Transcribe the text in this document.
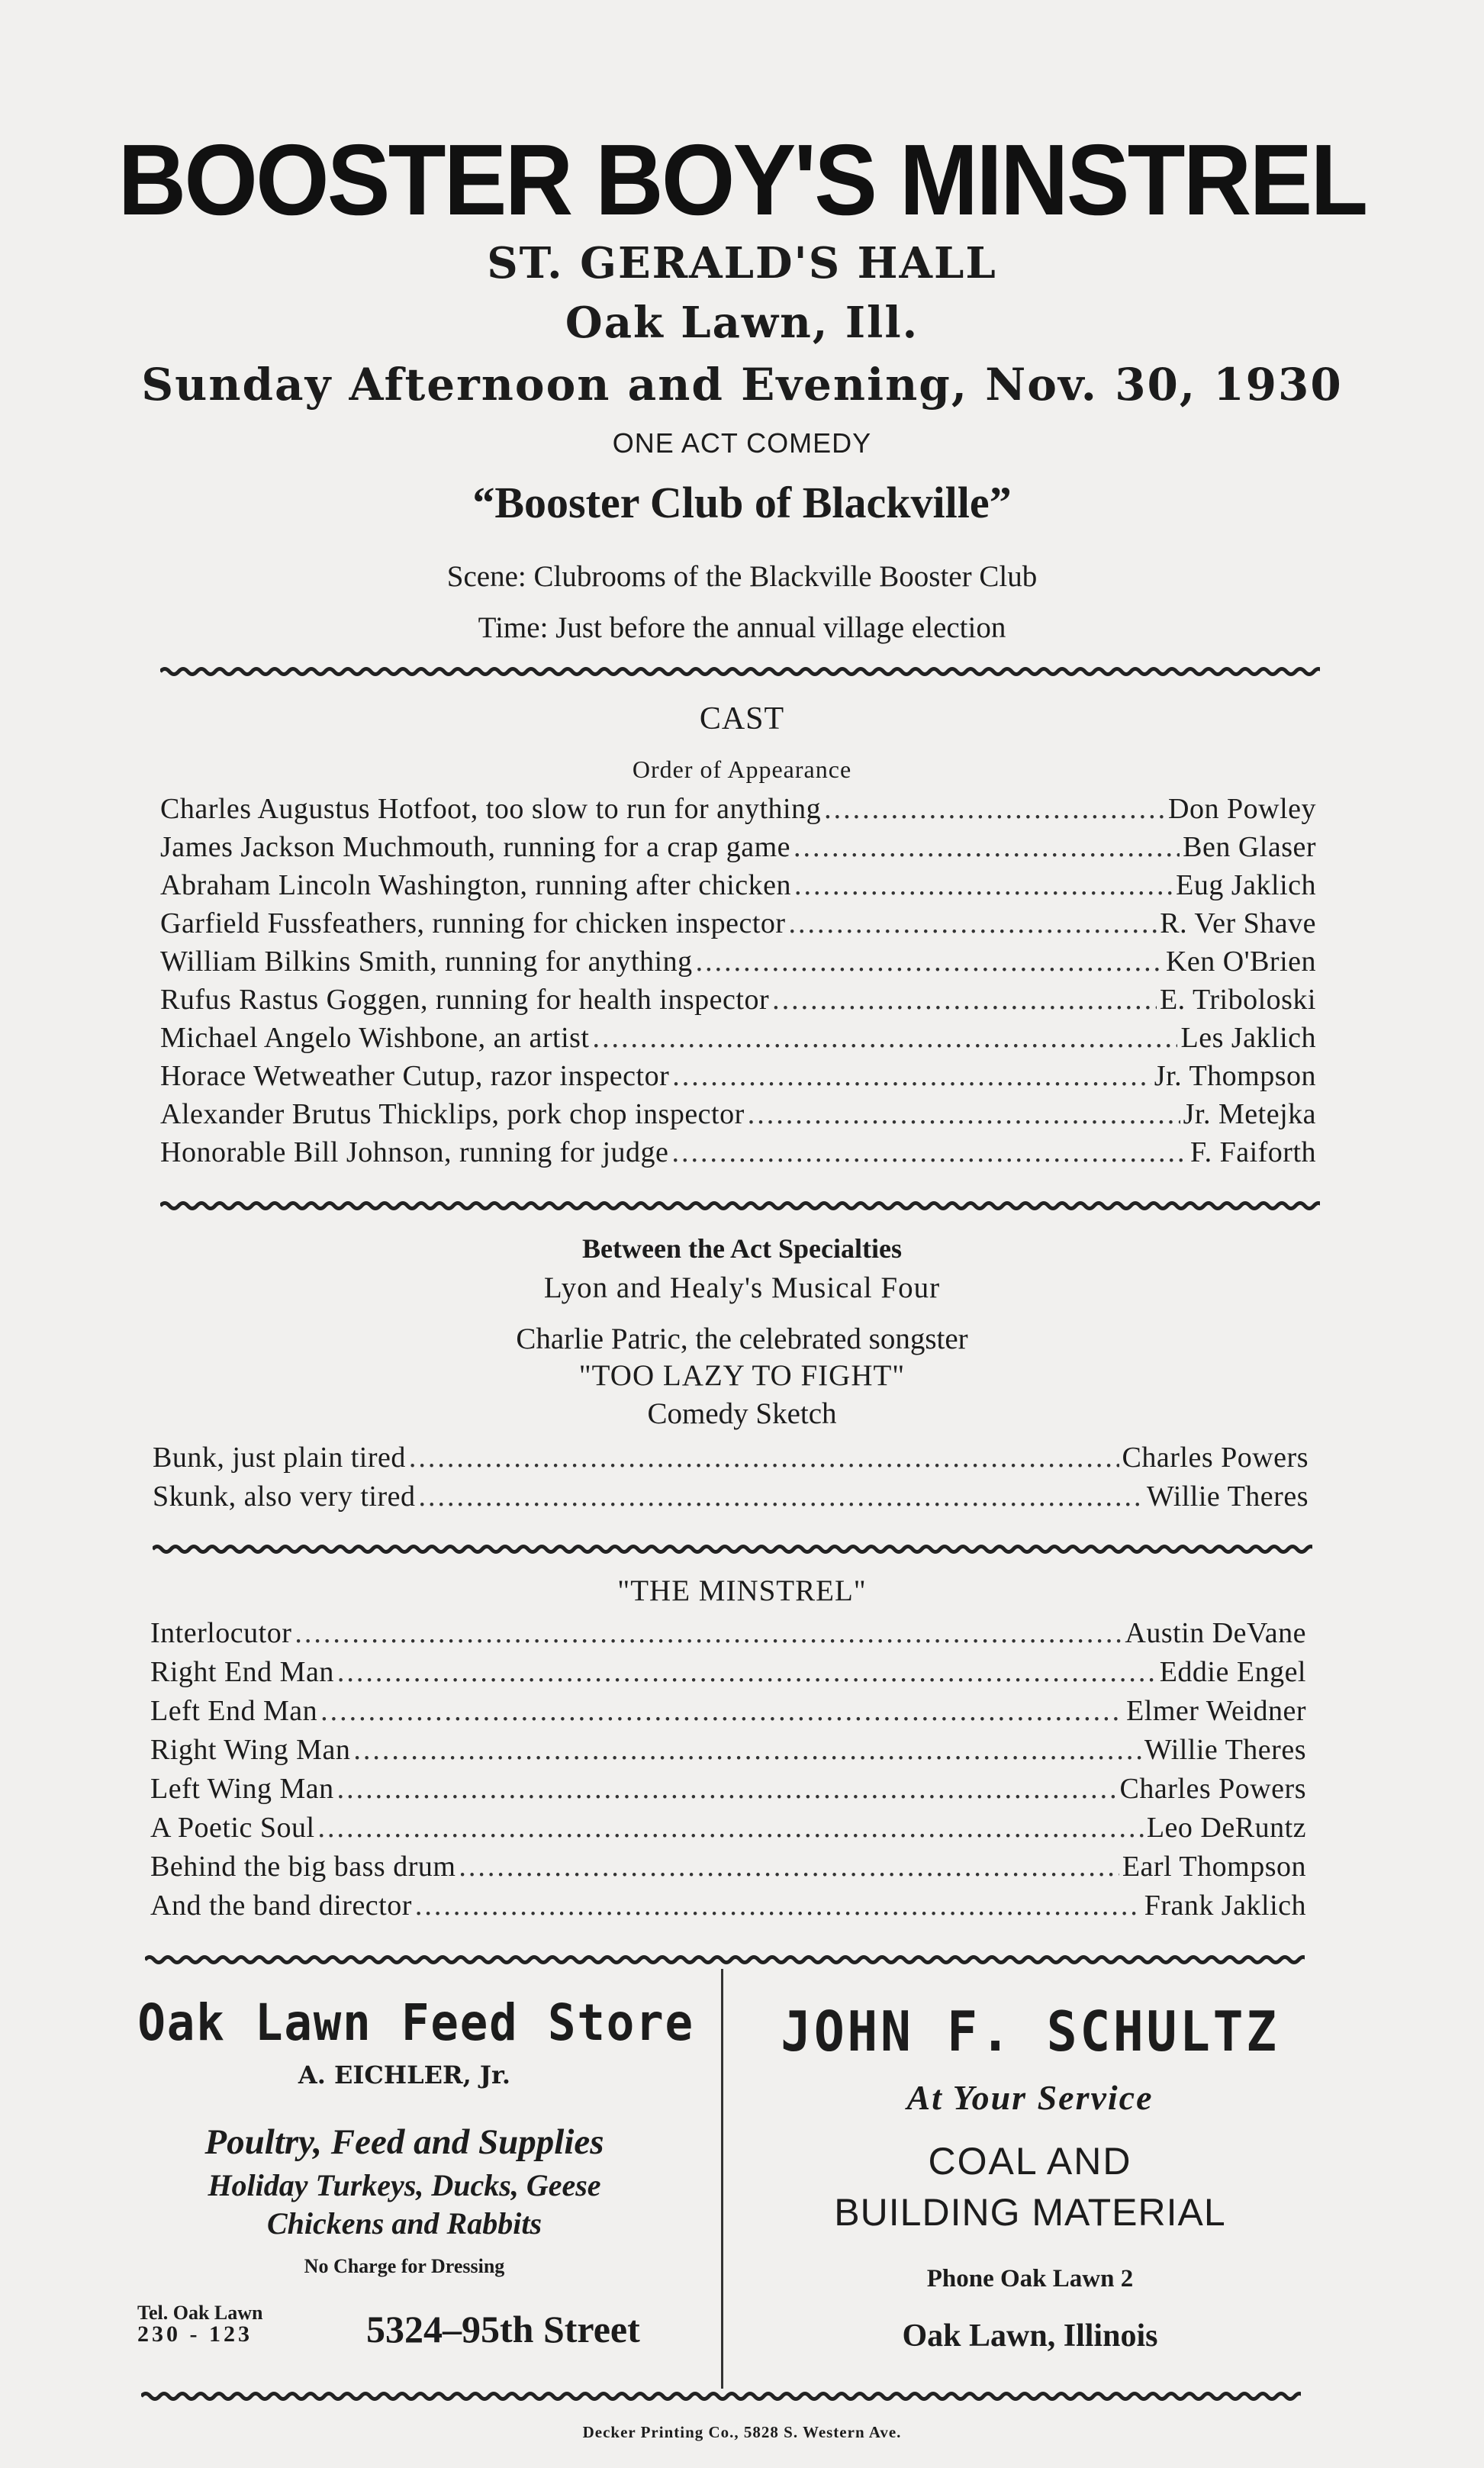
BOOSTER BOY'S MINSTREL
ST. GERALD'S HALL
Oak Lawn, Ill.
Sunday Afternoon and Evening, Nov. 30, 1930
ONE ACT COMEDY
“Booster Club of Blackville”
Scene: Clubrooms of the Blackville Booster Club
Time: Just before the annual village election
CAST
Order of Appearance
Charles Augustus Hotfoot, too slow to run for anything .....	Don Powley
James Jackson Muchmouth, running for a crap game .....	Ben Glaser
Abraham Lincoln Washington, running after chicken .....	Eug Jaklich
Garfield Fussfeathers, running for chicken inspector .....	R. Ver Shave
William Bilkins Smith, running for anything .....	Ken O'Brien
Rufus Rastus Goggen, running for health inspector .....	E. Triboloski
Michael Angelo Wishbone, an artist .....	Les Jaklich
Horace Wetweather Cutup, razor inspector .....	Jr. Thompson
Alexander Brutus Thicklips, pork chop inspector .....	Jr. Metejka
Honorable Bill Johnson, running for judge .....	F. Faiforth
Between the Act Specialties
Lyon and Healy's Musical Four
Charlie Patric, the celebrated songster
"TOO LAZY TO FIGHT"
Comedy Sketch
Bunk, just plain tired .....	Charles Powers
Skunk, also very tired .....	Willie Theres
"THE MINSTREL"
Interlocutor .....	Austin DeVane
Right End Man .....	Eddie Engel
Left End Man .....	Elmer Weidner
Right Wing Man .....	Willie Theres
Left Wing Man .....	Charles Powers
A Poetic Soul .....	Leo DeRuntz
Behind the big bass drum .....	Earl Thompson
And the band director .....	Frank Jaklich
Oak Lawn Feed Store
A. EICHLER, Jr.
Poultry, Feed and Supplies
Holiday Turkeys, Ducks, Geese
Chickens and Rabbits
No Charge for Dressing
Tel. Oak Lawn
230 - 123	5324–95th Street
JOHN F. SCHULTZ
At Your Service
COAL AND
BUILDING MATERIAL
Phone Oak Lawn 2
Oak Lawn, Illinois
Decker Printing Co., 5828 S. Western Ave.
